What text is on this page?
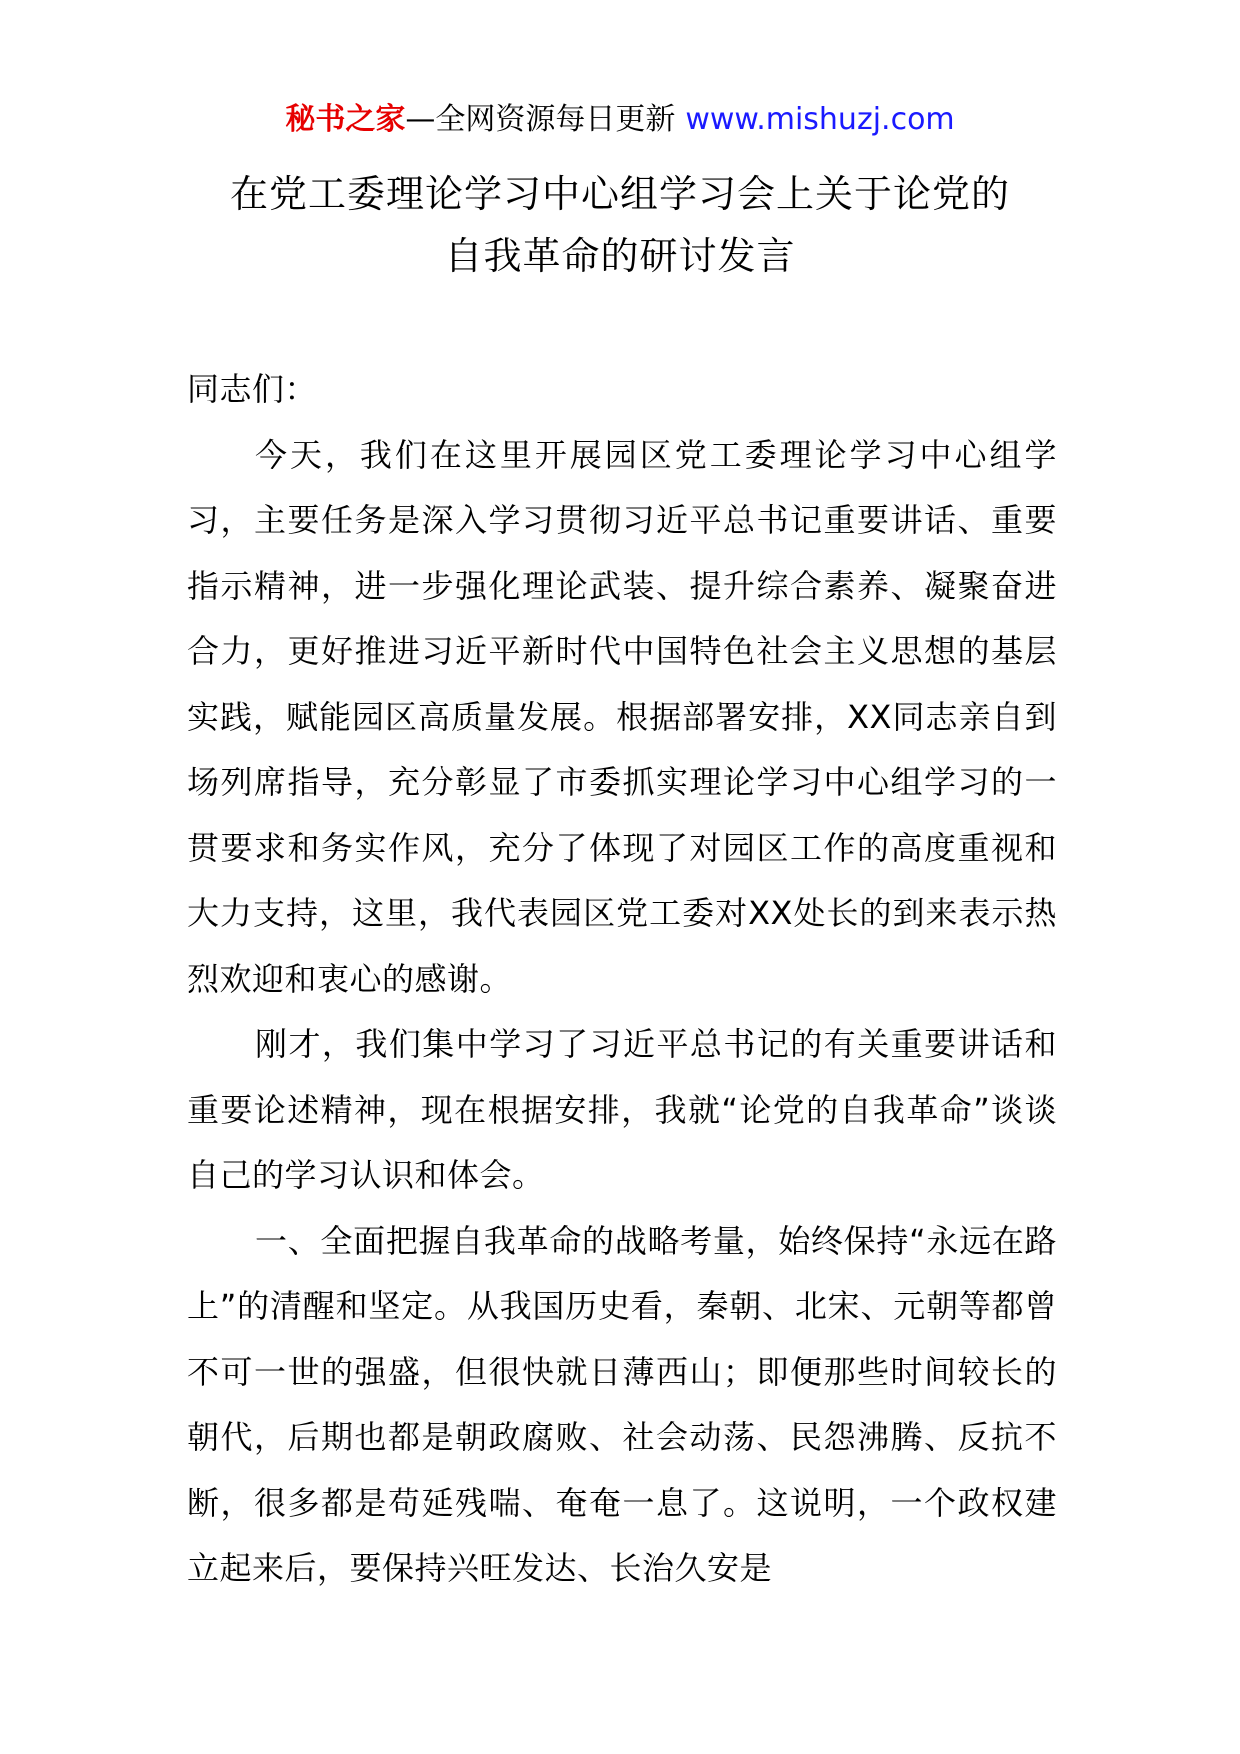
秘书之家—全网资源每日更新 www.mishuzj.com
在党工委理论学习中心组学习会上关于论党的
自我革命的研讨发言

同志们：

今天，我们在这里开展园区党工委理论学习中心组学习，主要任务是深入学习贯彻习近平总书记重要讲话、重要指示精神，进一步强化理论武装、提升综合素养、凝聚奋进合力，更好推进习近平新时代中国特色社会主义思想的基层实践，赋能园区高质量发展。根据部署安排，XX同志亲自到场列席指导，充分彰显了市委抓实理论学习中心组学习的一贯要求和务实作风，充分了体现了对园区工作的高度重视和大力支持，这里，我代表园区党工委对XX处长的到来表示热烈欢迎和衷心的感谢。

刚才，我们集中学习了习近平总书记的有关重要讲话和重要论述精神，现在根据安排，我就“论党的自我革命”谈谈自己的学习认识和体会。

一、全面把握自我革命的战略考量，始终保持“永远在路上”的清醒和坚定。从我国历史看，秦朝、北宋、元朝等都曾不可一世的强盛，但很快就日薄西山；即便那些时间较长的朝代，后期也都是朝政腐败、社会动荡、民怨沸腾、反抗不断，很多都是苟延残喘、奄奄一息了。这说明，一个政权建立起来后，要保持兴旺发达、长治久安是
